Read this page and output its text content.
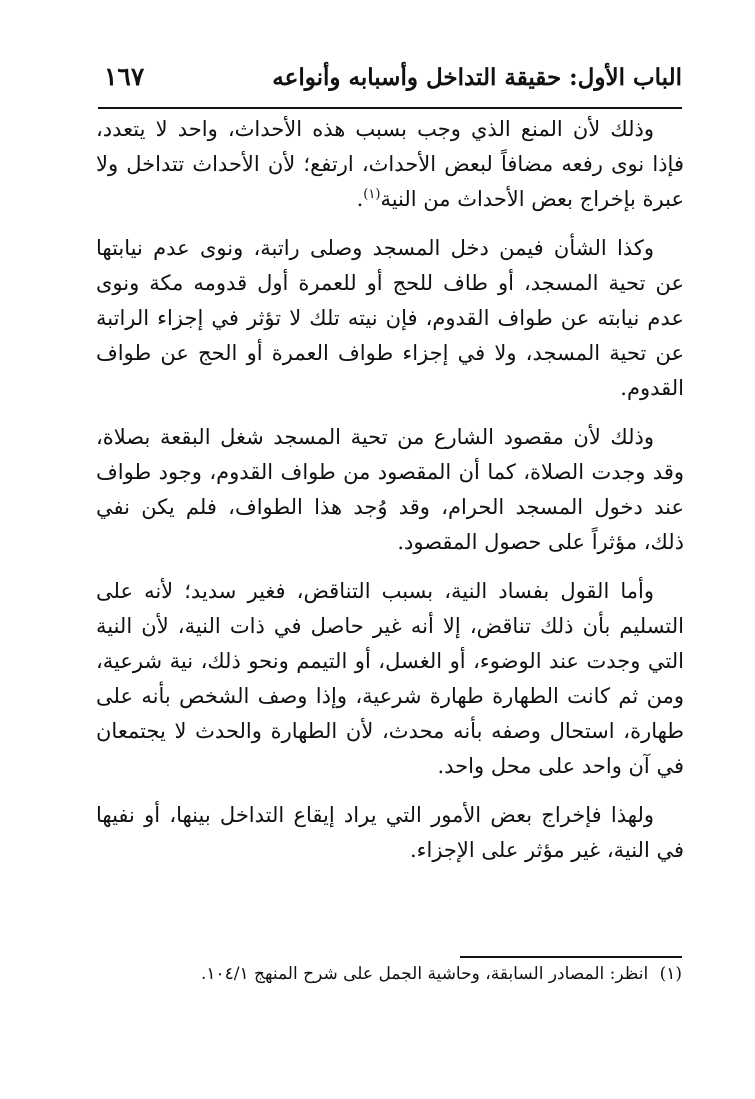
الباب الأول: حقيقة التداخل وأسبابه وأنواعه
١٦٧

وذلك لأن المنع الذي وجب بسبب هذه الأحداث، واحد لا يتعدد، فإذا نوى رفعه مضافاً لبعض الأحداث، ارتفع؛ لأن الأحداث تتداخل ولا عبرة بإخراج بعض الأحداث من النية$^{(١)}$.

وكذا الشأن فيمن دخل المسجد وصلى راتبة، ونوى عدم نيابتها عن تحية المسجد، أو طاف للحج أو للعمرة أول قدومه مكة ونوى عدم نيابته عن طواف القدوم، فإن نيته تلك لا تؤثر في إجزاء الراتبة عن تحية المسجد، ولا في إجزاء طواف العمرة أو الحج عن طواف القدوم.

وذلك لأن مقصود الشارع من تحية المسجد شغل البقعة بصلاة، وقد وجدت الصلاة، كما أن المقصود من طواف القدوم، وجود طواف عند دخول المسجد الحرام، وقد وُجد هذا الطواف، فلم يكن نفي ذلك، مؤثراً على حصول المقصود.

وأما القول بفساد النية، بسبب التناقض، فغير سديد؛ لأنه على التسليم بأن ذلك تناقض، إلا أنه غير حاصل في ذات النية، لأن النية التي وجدت عند الوضوء، أو الغسل، أو التيمم ونحو ذلك، نية شرعية، ومن ثم كانت الطهارة طهارة شرعية، وإذا وصف الشخص بأنه على طهارة، استحال وصفه بأنه محدث، لأن الطهارة والحدث لا يجتمعان في آن واحد على محل واحد.

ولهذا فإخراج بعض الأمور التي يراد إيقاع التداخل بينها، أو نفيها في النية، غير مؤثر على الإجزاء.

(١) انظر: المصادر السابقة، وحاشية الجمل على شرح المنهج ١٠٤/١.
